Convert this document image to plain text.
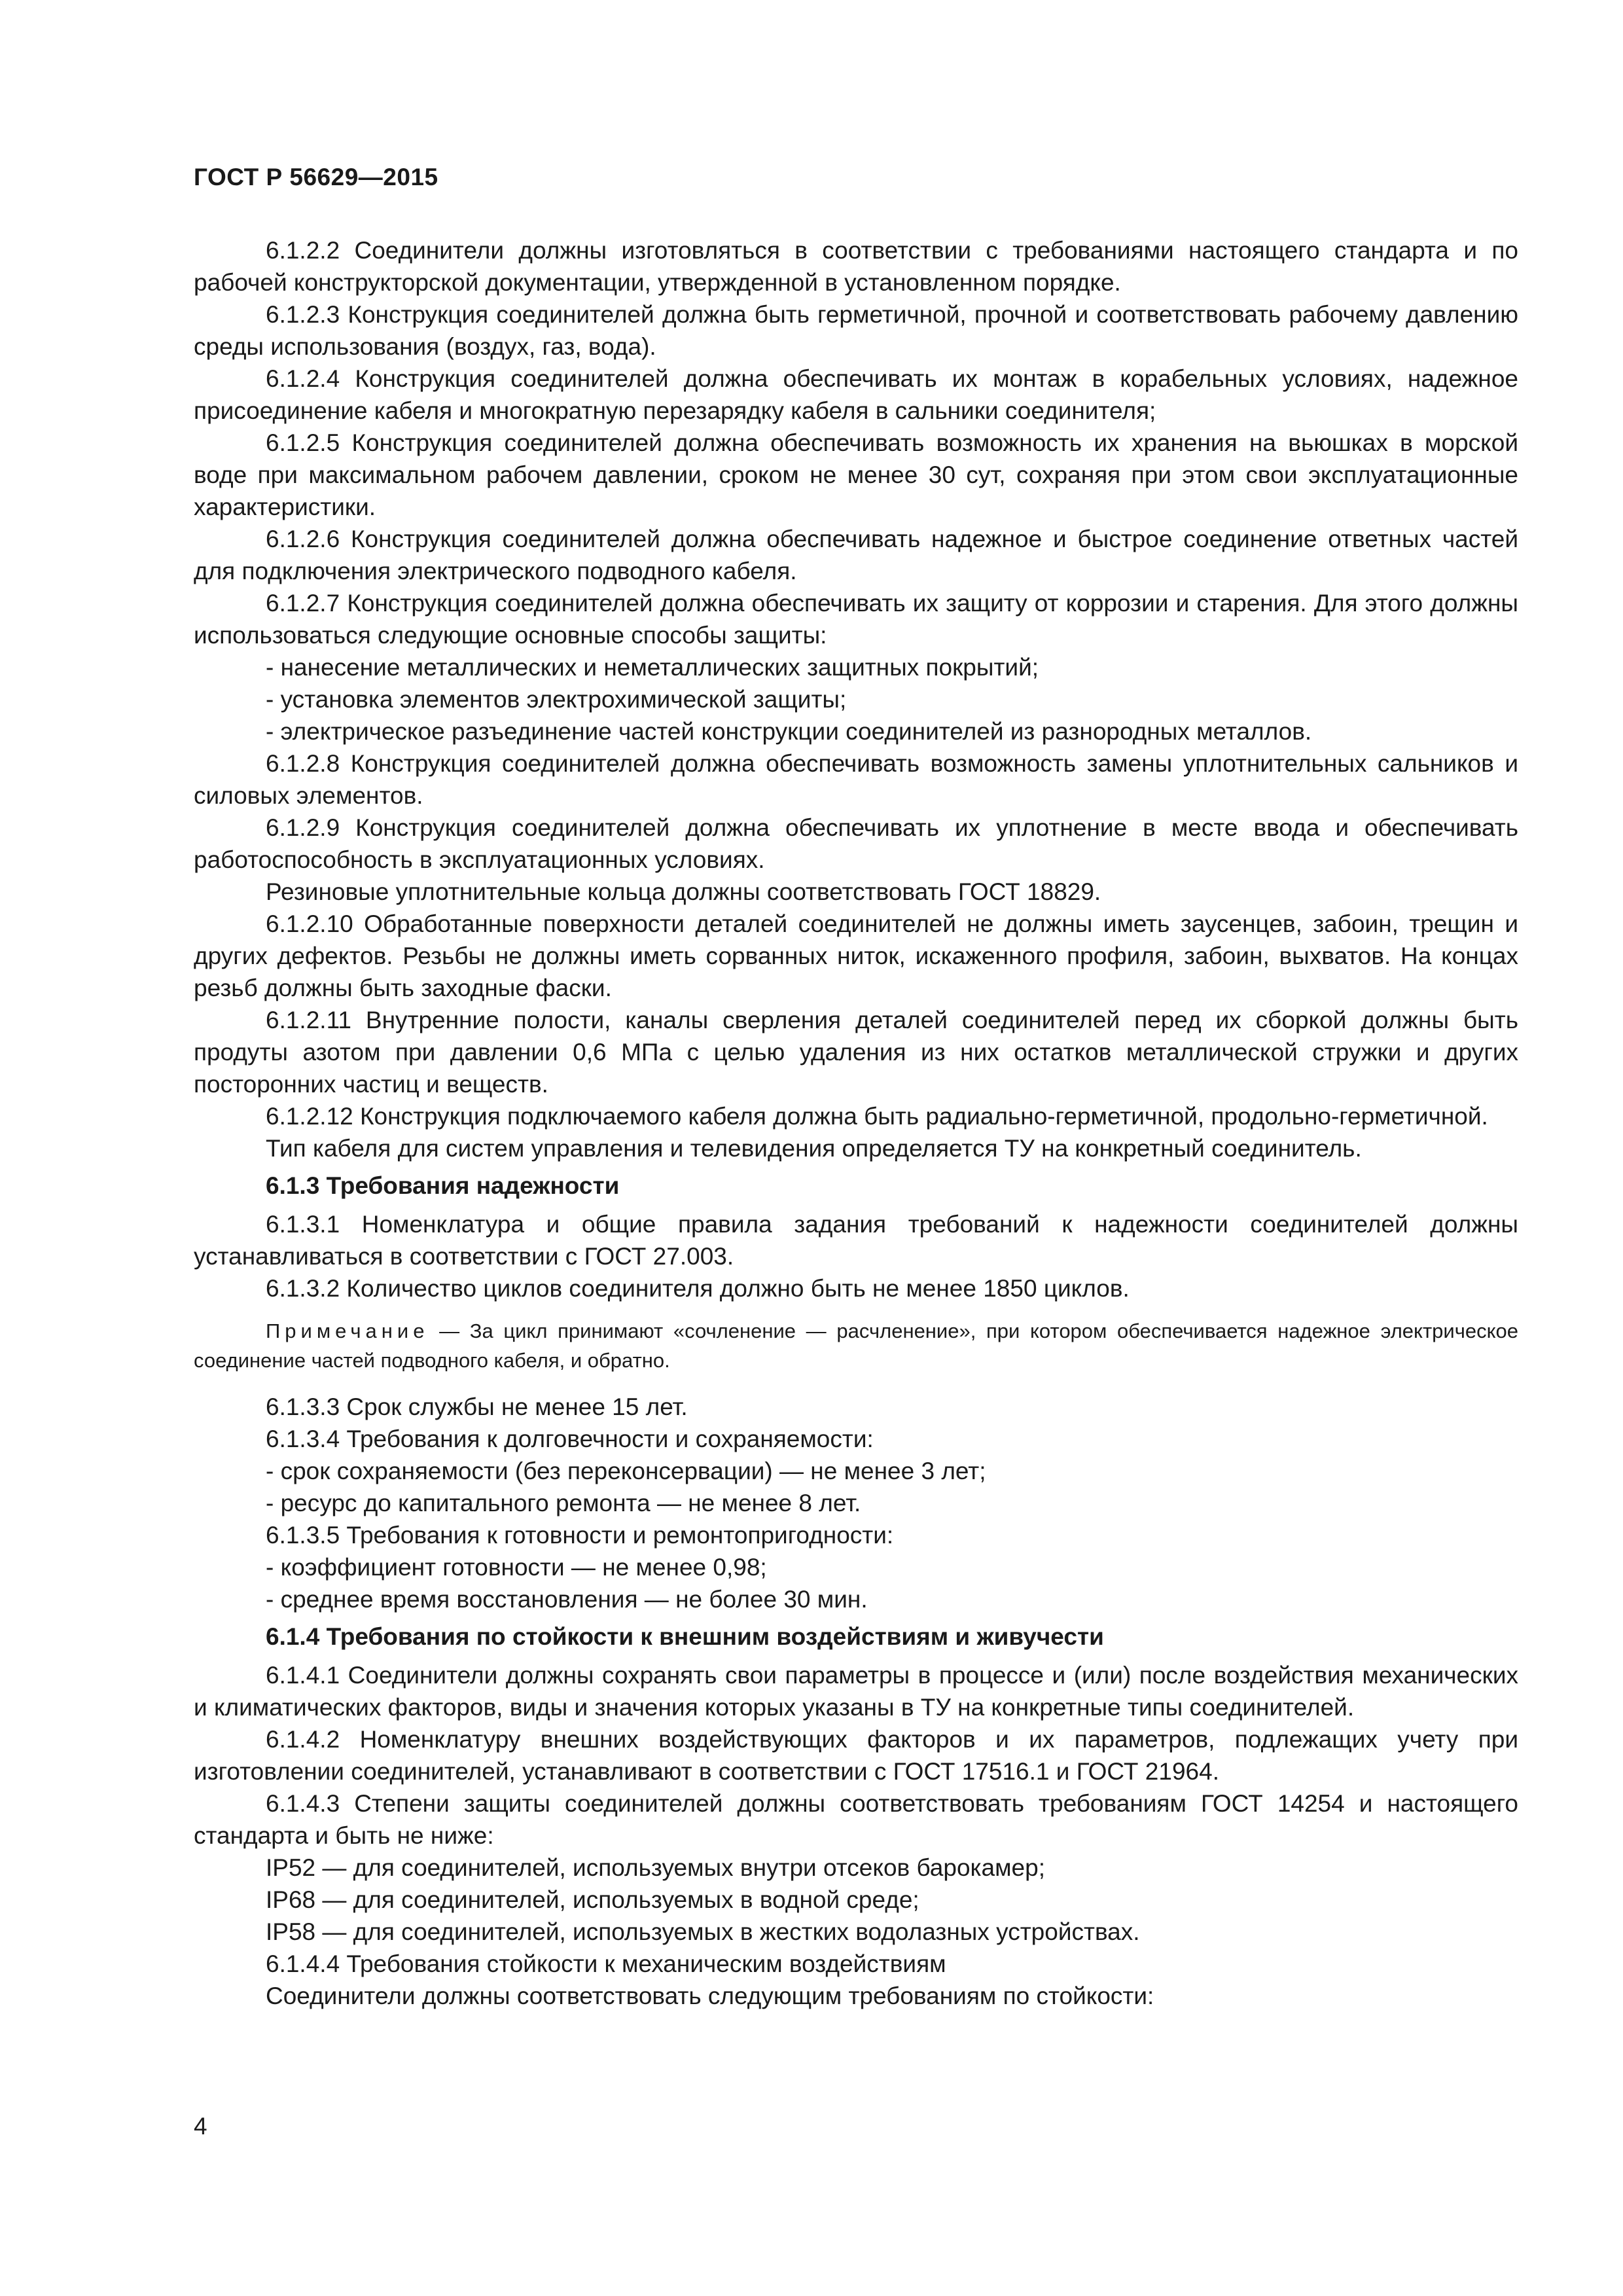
ГОСТ Р 56629—2015

6.1.2.2 Соединители должны изготовляться в соответствии с требованиями настоящего стандарта и по рабочей конструкторской документации, утвержденной в установленном порядке.

6.1.2.3 Конструкция соединителей должна быть герметичной, прочной и соответствовать рабочему давлению среды использования (воздух, газ, вода).

6.1.2.4 Конструкция соединителей должна обеспечивать их монтаж в корабельных условиях, надежное присоединение кабеля и многократную перезарядку кабеля в сальники соединителя;

6.1.2.5 Конструкция соединителей должна обеспечивать возможность их хранения на вьюшках в морской воде при максимальном рабочем давлении, сроком не менее 30 сут, сохраняя при этом свои эксплуатационные характеристики.

6.1.2.6 Конструкция соединителей должна обеспечивать надежное и быстрое соединение ответных частей для подключения электрического подводного кабеля.

6.1.2.7 Конструкция соединителей должна обеспечивать их защиту от коррозии и старения. Для этого должны использоваться следующие основные способы защиты:

- нанесение металлических и неметаллических защитных покрытий;

- установка элементов электрохимической защиты;

- электрическое разъединение частей конструкции соединителей из разнородных металлов.

6.1.2.8 Конструкция соединителей должна обеспечивать возможность замены уплотнительных сальников и силовых элементов.

6.1.2.9 Конструкция соединителей должна обеспечивать их уплотнение в месте ввода и обеспечивать работоспособность в эксплуатационных условиях.

Резиновые уплотнительные кольца должны соответствовать ГОСТ 18829.

6.1.2.10 Обработанные поверхности деталей соединителей не должны иметь заусенцев, забоин, трещин и других дефектов. Резьбы не должны иметь сорванных ниток, искаженного профиля, забоин, выхватов. На концах резьб должны быть заходные фаски.

6.1.2.11 Внутренние полости, каналы сверления деталей соединителей перед их сборкой должны быть продуты азотом при давлении 0,6 МПа с целью удаления из них остатков металлической стружки и других посторонних частиц и веществ.

6.1.2.12 Конструкция подключаемого кабеля должна быть радиально-герметичной, продольно-герметичной.

Тип кабеля для систем управления и телевидения определяется ТУ на конкретный соединитель.

6.1.3 Требования надежности

6.1.3.1 Номенклатура и общие правила задания требований к надежности соединителей должны устанавливаться в соответствии с ГОСТ 27.003.

6.1.3.2 Количество циклов соединителя должно быть не менее 1850 циклов.

Примечание — За цикл принимают «сочленение — расчленение», при котором обеспечивается надежное электрическое соединение частей подводного кабеля, и обратно.

6.1.3.3 Срок службы не менее 15 лет.

6.1.3.4 Требования к долговечности и сохраняемости:

- срок сохраняемости (без переконсервации) — не менее 3 лет;

- ресурс до капитального ремонта — не менее 8 лет.

6.1.3.5 Требования к готовности и ремонтопригодности:

- коэффициент готовности — не менее 0,98;

- среднее время восстановления — не более 30 мин.

6.1.4 Требования по стойкости к внешним воздействиям и живучести

6.1.4.1 Соединители должны сохранять свои параметры в процессе и (или) после воздействия механических и климатических факторов, виды и значения которых указаны в ТУ на конкретные типы соединителей.

6.1.4.2 Номенклатуру внешних воздействующих факторов и их параметров, подлежащих учету при изготовлении соединителей, устанавливают в соответствии с ГОСТ 17516.1 и ГОСТ 21964.

6.1.4.3 Степени защиты соединителей должны соответствовать требованиям ГОСТ 14254 и настоящего стандарта и быть не ниже:

IP52 — для соединителей, используемых внутри отсеков барокамер;

IP68 — для соединителей, используемых в водной среде;

IP58 — для соединителей, используемых в жестких водолазных устройствах.

6.1.4.4 Требования стойкости к механическим воздействиям

Соединители должны соответствовать следующим требованиям по стойкости:

4
